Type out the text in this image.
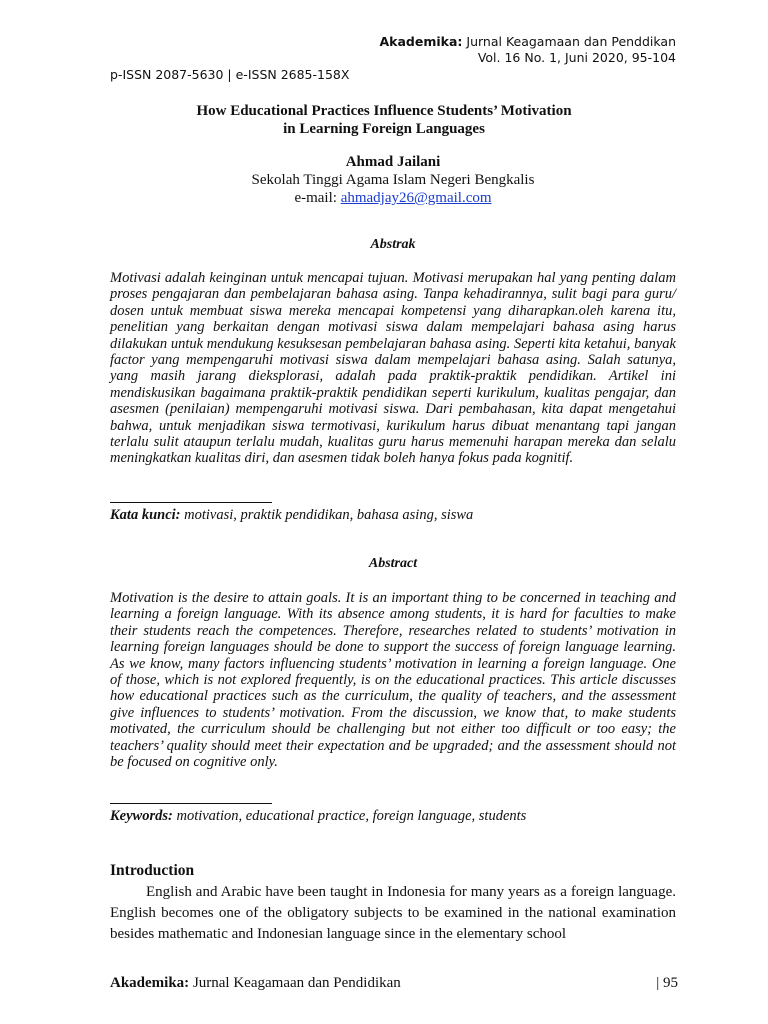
Akademika: Jurnal Keagamaan dan Penddikan
Vol. 16 No. 1, Juni 2020, 95-104
p-ISSN 2087-5630 | e-ISSN 2685-158X
How Educational Practices Influence Students’ Motivation
in Learning Foreign Languages
Ahmad Jailani
Sekolah Tinggi Agama Islam Negeri Bengkalis
e-mail: ahmadjay26@gmail.com
Abstrak
Motivasi adalah keinginan untuk mencapai tujuan. Motivasi merupakan hal yang penting dalam proses pengajaran dan pembelajaran bahasa asing. Tanpa kehadirannya, sulit bagi para guru/ dosen untuk membuat siswa mereka mencapai kompetensi yang diharapkan.oleh karena itu, penelitian yang berkaitan dengan motivasi siswa dalam mempelajari bahasa asing harus dilakukan untuk mendukung kesuksesan pembelajaran bahasa asing. Seperti kita ketahui, banyak factor yang mempengaruhi motivasi siswa dalam mempelajari bahasa asing. Salah satunya, yang masih jarang dieksplorasi, adalah pada praktik-praktik pendidikan. Artikel ini mendiskusikan bagaimana praktik-praktik pendidikan seperti kurikulum, kualitas pengajar, dan asesmen (penilaian) mempengaruhi motivasi siswa. Dari pembahasan, kita dapat mengetahui bahwa, untuk menjadikan siswa termotivasi, kurikulum harus dibuat menantang tapi jangan terlalu sulit ataupun terlalu mudah, kualitas guru harus memenuhi harapan mereka dan selalu meningkatkan kualitas diri, dan asesmen tidak boleh hanya fokus pada kognitif.
Kata kunci: motivasi, praktik pendidikan, bahasa asing, siswa
Abstract
Motivation is the desire to attain goals. It is an important thing to be concerned in teaching and learning a foreign language. With its absence among students, it is hard for faculties to make their students reach the competences. Therefore, researches related to students’ motivation in learning foreign languages should be done to support the success of foreign language learning. As we know, many factors influencing students’ motivation in learning a foreign language. One of those, which is not explored frequently, is on the educational practices. This article discusses how educational practices such as the curriculum, the quality of teachers, and the assessment give influences to students’ motivation. From the discussion, we know that, to make students motivated, the curriculum should be challenging but not either too difficult or too easy; the teachers’ quality should meet their expectation and be upgraded; and the assessment should not be focused on cognitive only.
Keywords: motivation, educational practice, foreign language, students
Introduction
English and Arabic have been taught in Indonesia for many years as a foreign language. English becomes one of the obligatory subjects to be examined in the national examination besides mathematic and Indonesian language since in the elementary school
Akademika: Jurnal Keagamaan dan Pendidikan	| 95
